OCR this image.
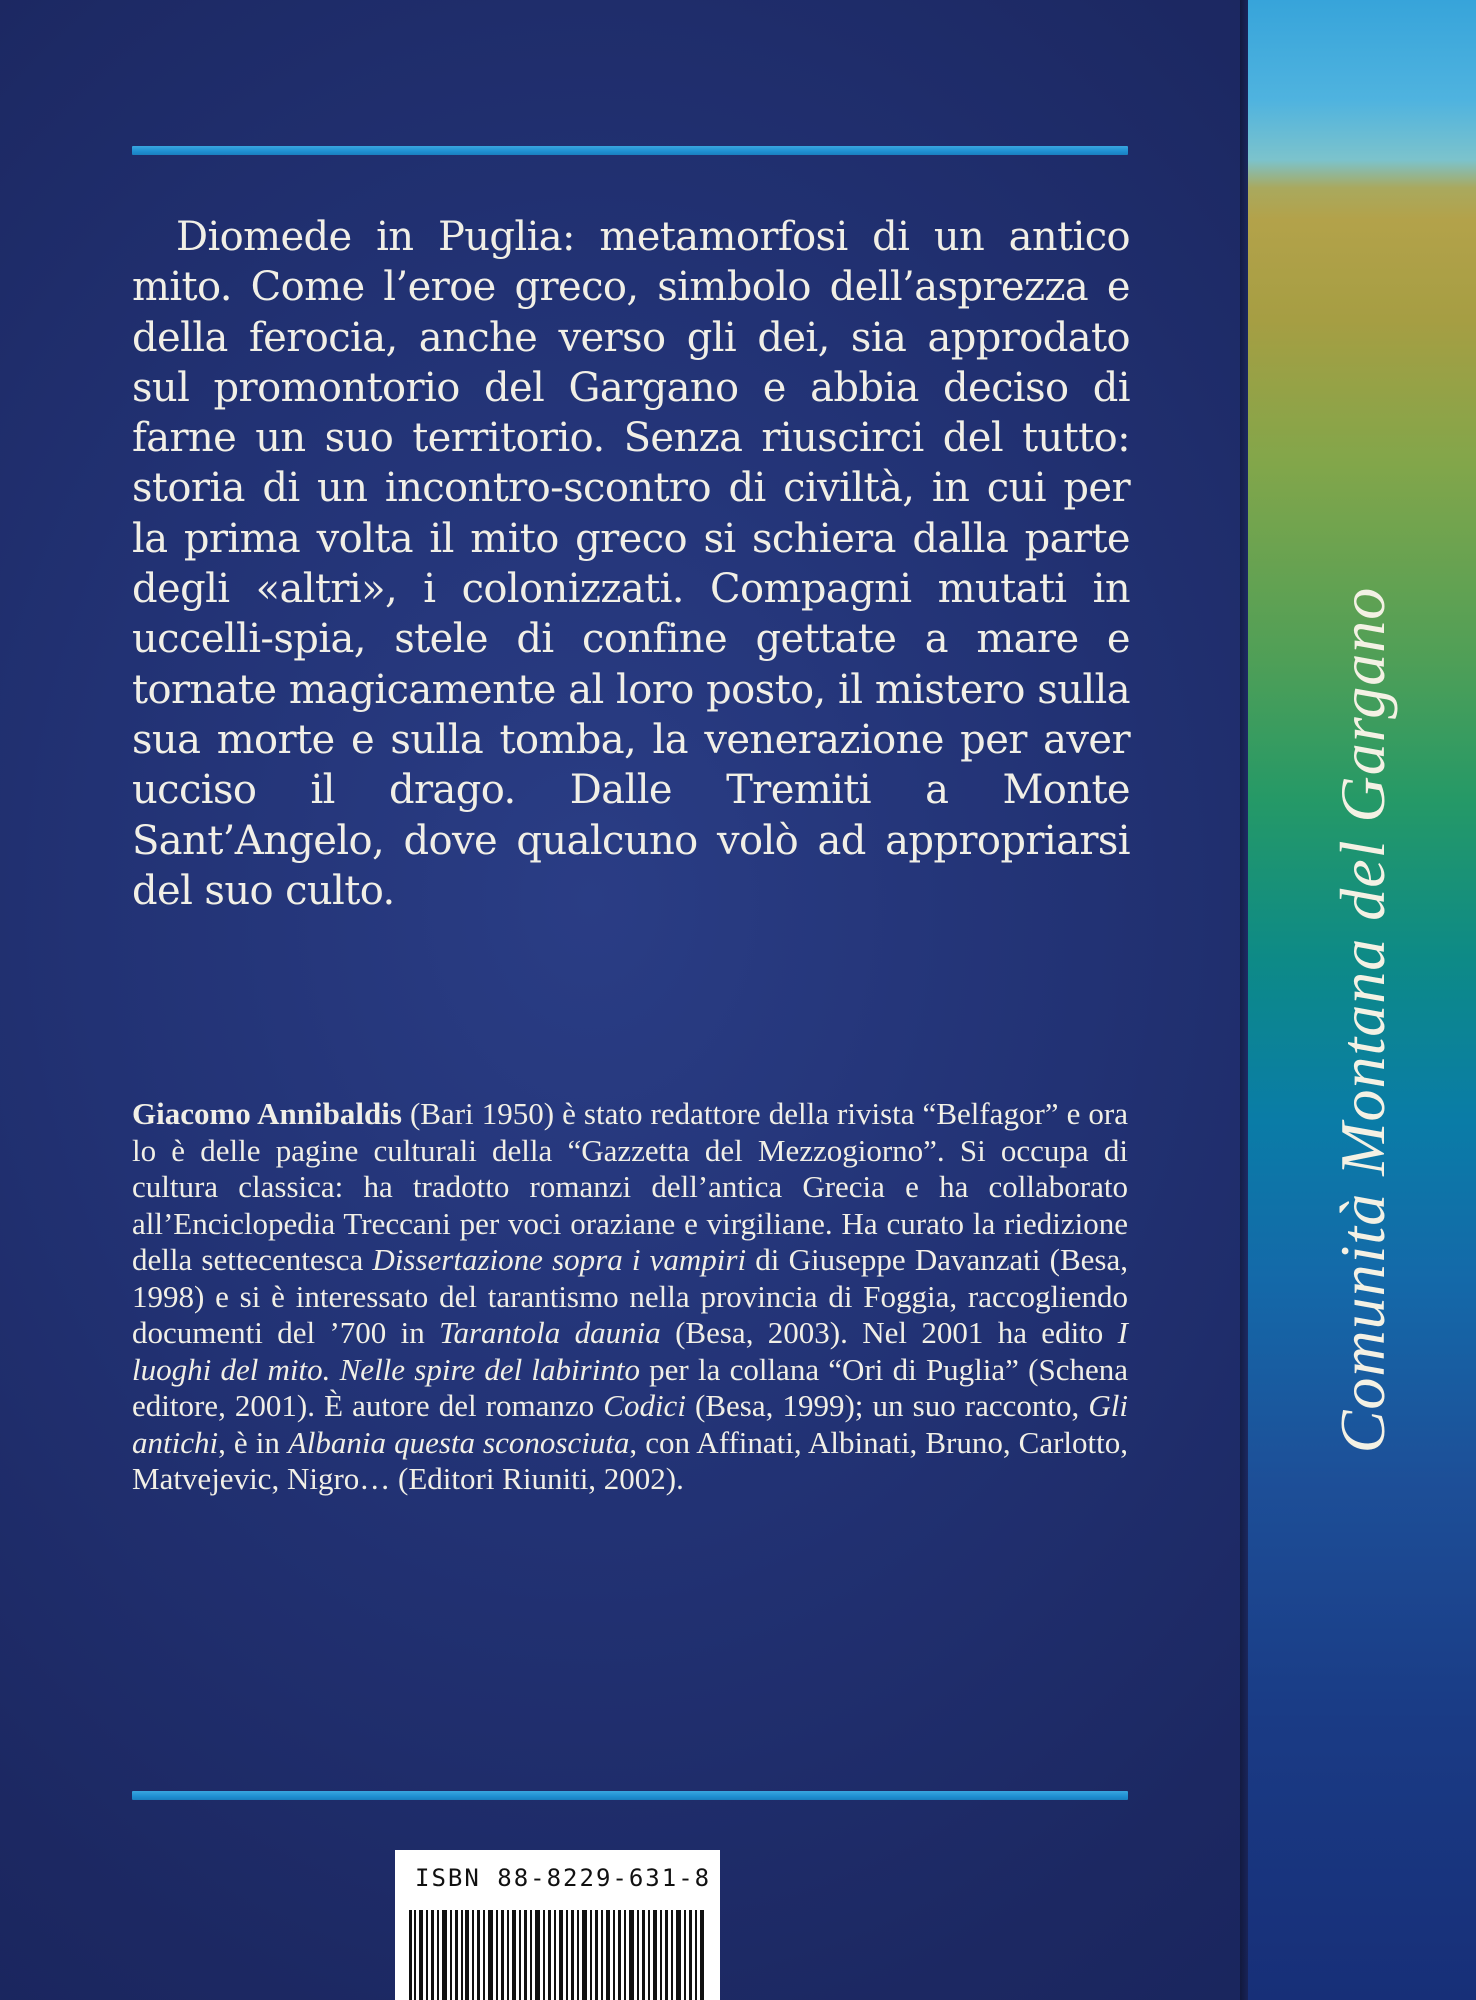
Diomede in Puglia: metamorfosi di un antico mito. Come l’eroe greco, simbolo dell’asprezza e della ferocia, anche verso gli dei, sia approdato sul promontorio del Gargano e abbia deciso di farne un suo territorio. Senza riuscirci del tutto: storia di un incontro-scontro di civiltà, in cui per la prima volta il mito greco si schiera dalla parte degli «altri», i colonizzati. Compagni mutati in uccelli-spia, stele di confine gettate a mare e tornate magicamente al loro posto, il mistero sulla sua morte e sulla tomba, la venerazione per aver ucciso il drago. Dalle Tremiti a Monte Sant’Angelo, dove qualcuno volò ad appropriarsi del suo culto.

Giacomo Annibaldis (Bari 1950) è stato redattore della rivista “Belfagor” e ora lo è delle pagine culturali della “Gazzetta del Mezzogiorno”. Si occupa di cultura classica: ha tradotto romanzi dell’antica Grecia e ha collaborato all’Enciclopedia Treccani per voci oraziane e virgiliane. Ha curato la riedizione della settecentesca Dissertazione sopra i vampiri di Giuseppe Davanzati (Besa, 1998) e si è interessato del tarantismo nella provincia di Foggia, raccogliendo documenti del ’700 in Tarantola daunia (Besa, 2003). Nel 2001 ha edito I luoghi del mito. Nelle spire del labirinto per la collana “Ori di Puglia” (Schena editore, 2001). È autore del romanzo Codici (Besa, 1999); un suo racconto, Gli antichi, è in Albania questa sconosciuta, con Affinati, Albinati, Bruno, Carlotto, Matvejevic, Nigro… (Editori Riuniti, 2002).

ISBN 88-8229-631-8
Comunità Montana del Gargano
